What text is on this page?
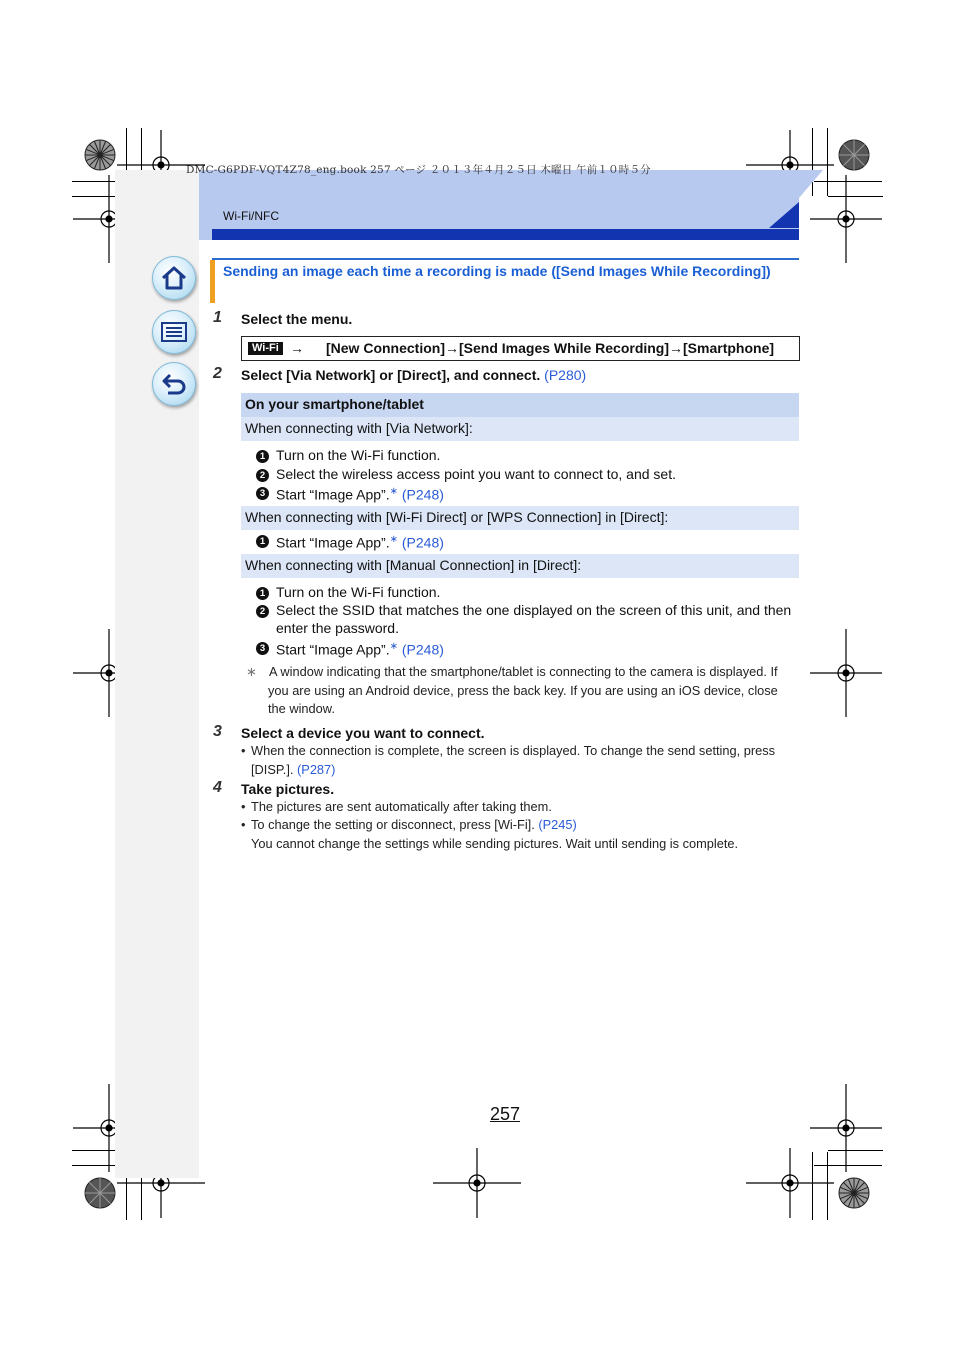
DMC-G6PDF-VQT4Z78_eng.book 257 ページ ２０１３年４月２５日 木曜日 午前１０時５分
Wi-Fi/NFC
Sending an image each time a recording is made ([Send Images While Recording])
1 Select the menu.
Wi-Fi → [New Connection]→[Send Images While Recording]→[Smartphone]
2 Select [Via Network] or [Direct], and connect. (P280)
On your smartphone/tablet
When connecting with [Via Network]:
1 Turn on the Wi-Fi function.
2 Select the wireless access point you want to connect to, and set.
3 Start “Image App”.∗ (P248)
When connecting with [Wi-Fi Direct] or [WPS Connection] in [Direct]:
1 Start “Image App”.∗ (P248)
When connecting with [Manual Connection] in [Direct]:
1 Turn on the Wi-Fi function.
2 Select the SSID that matches the one displayed on the screen of this unit, and then enter the password.
3 Start “Image App”.∗ (P248)
∗ A window indicating that the smartphone/tablet is connecting to the camera is displayed. If you are using an Android device, press the back key. If you are using an iOS device, close the window.
3 Select a device you want to connect.
• When the connection is complete, the screen is displayed. To change the send setting, press [DISP.]. (P287)
4 Take pictures.
• The pictures are sent automatically after taking them.
• To change the setting or disconnect, press [Wi-Fi]. (P245)
You cannot change the settings while sending pictures. Wait until sending is complete.
257
